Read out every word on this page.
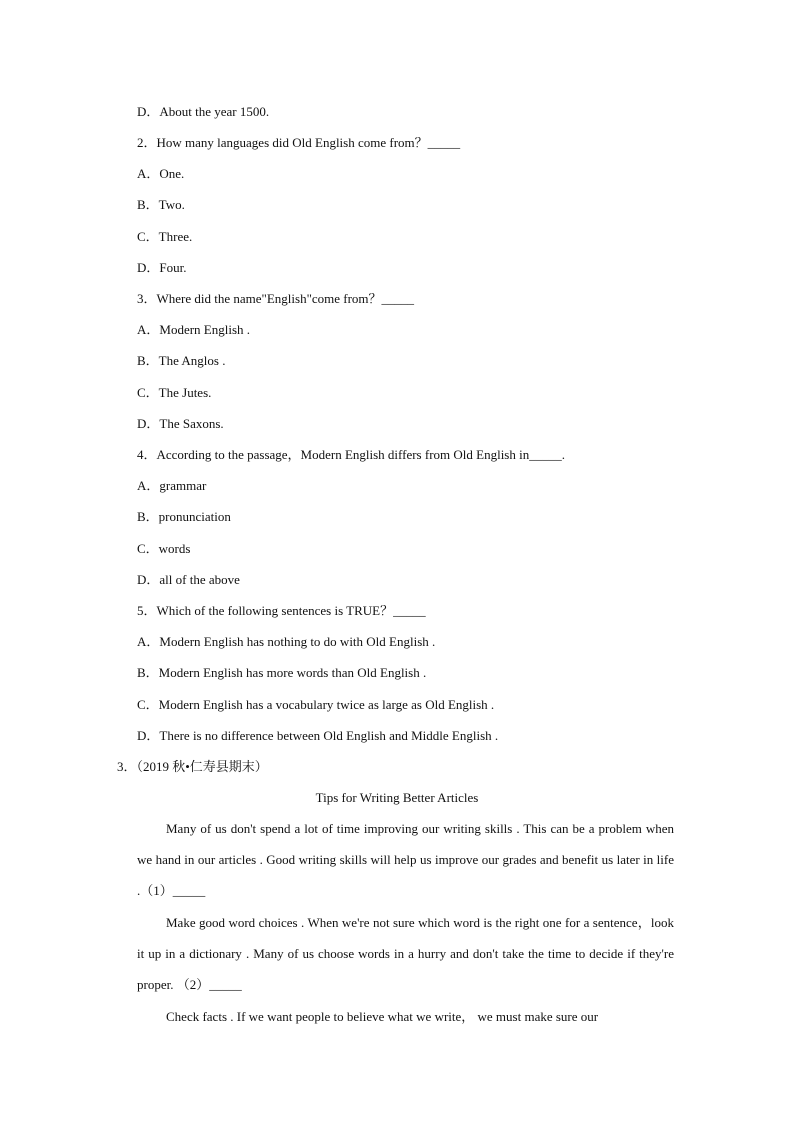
D．About the year 1500.
2．How many languages did Old English come from？_____
A．One.
B．Two.
C．Three.
D．Four.
3．Where did the name"English"come from？_____
A．Modern English .
B．The Anglos .
C．The Jutes.
D．The Saxons.
4．According to the passage，Modern English differs from Old English in_____.
A．grammar
B．pronunciation
C．words
D．all of the above
5．Which of the following sentences is TRUE？_____
A．Modern English has nothing to do with Old English .
B．Modern English has more words than Old English .
C．Modern English has a vocabulary twice as large as Old English .
D．There is no difference between Old English and Middle English .
3．（2019 秋•仁寿县期末）
Tips for Writing Better Articles
Many of us don't spend a lot of time improving our writing skills . This can be a problem when we hand in our articles . Good writing skills will help us improve our grades and benefit us later in life .（1）_____
Make good word choices . When we're not sure which word is the right one for a sentence，look it up in a dictionary . Many of us choose words in a hurry and don't take the time to decide if they're proper. （2）_____
Check facts . If we want people to believe what we write， we must make sure our
